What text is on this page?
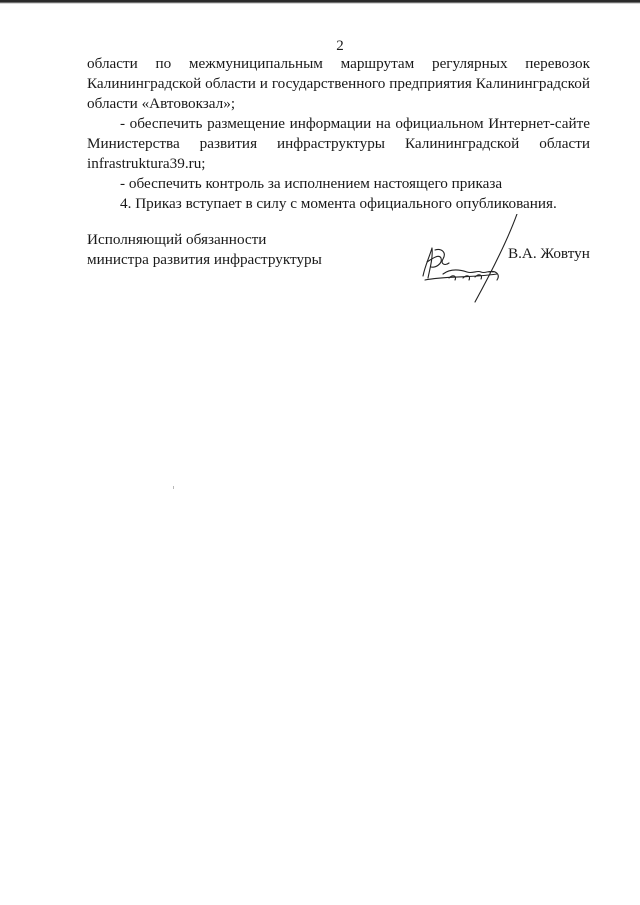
2

области по межмуниципальным маршрутам регулярных перевозок

Калининградской области и государственного предприятия Калининградской

области «Автовокзал»;

- обеспечить размещение информации на официальном Интернет-сайте

Министерства развития инфраструктуры Калининградской области

infrastruktura39.ru;

- обеспечить контроль за исполнением настоящего приказа

4. Приказ вступает в силу с момента официального опубликования.

Исполняющий обязанности
министра развития инфраструктуры	В.А. Жовтун
